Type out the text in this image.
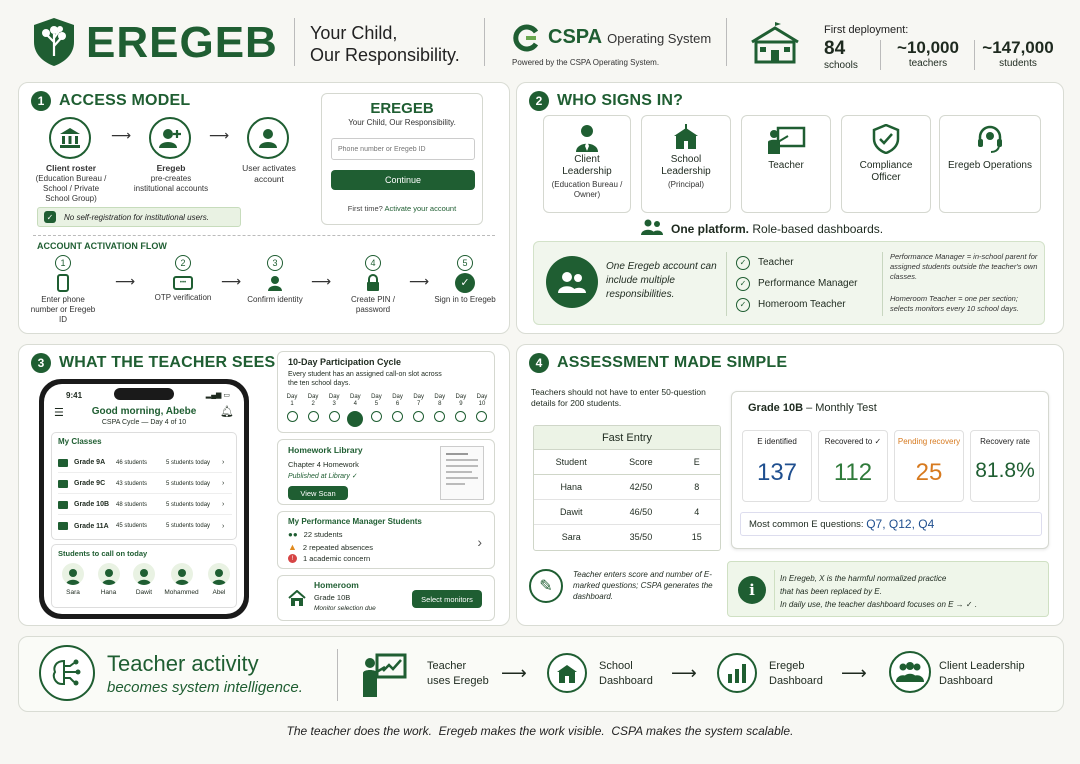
EREGEB Your Child,
Our Responsibility.
CSPA Operating System
Powered by the CSPA Operating System.
First deployment:
84
schools
~10,000
teachers
~147,000
students
1 ACCESS MODEL
Client roster
(Education Bureau / School / Private School Group)
⟶
Eregeb
pre-creates institutional accounts
⟶
User activates account
✓	No self-registration for institutional users.
EREGEB
Your Child, Our Responsibility.
Phone number or Eregeb ID
Continue
First time? Activate your account
ACCOUNT ACTIVATION FLOW
1
Enter phone number or Eregeb ID
⟶
2
•••
OTP verification
⟶
3
Confirm identity
⟶
4
Create PIN / password
⟶
5
✓
Sign in to Eregeb
2 WHO SIGNS IN?
Client Leadership
(Education Bureau / Owner)
School Leadership
(Principal)
Teacher	Compliance Officer
Eregeb Operations
One platform. Role-based dashboards.
One Eregeb account can include multiple responsibilities.
✓	Teacher
✓	Performance Manager
✓	Homeroom Teacher
Performance Manager = in-school parent for assigned students outside the teacher's own classes.
Homeroom Teacher = one per section; selects monitors every 10 school days.
3 WHAT THE TEACHER SEES
9:41	▂▄▆ ▭
☰	Good morning, Abebe	🔔︎
CSPA Cycle — Day 4 of 10
My Classes
Grade 9A	46 students	5 students today	›
Grade 9C	43 students	5 students today	›
Grade 10B	48 students	5 students today	›
Grade 11A	45 students	5 students today	›
Students to call on today
Sara	Hana	Dawit	Mohammed	Abel
10-Day Participation Cycle
Every student has an assigned call-on slot across the ten school days.
Day
1
Day
2
Day
3
Day
4
Day
5
Day
6
Day
7
Day
8
Day
9
Day
10
Homework Library
Chapter 4 Homework
Published at Library ✓
View Scan
My Performance Manager Students
●● 22 students
▲ 2 repeated absences
!	1 academic concern
›
Homeroom
Grade 10B
Monitor selection due
Select monitors
4 ASSESSMENT MADE SIMPLE
Teachers should not have to enter 50-question details for 200 students.
Fast Entry
Student	Score	E
Hana	42/50	8
Dawit	46/50	4
Sara	35/50	15
Grade 10B – Monthly Test
E identified
137
Recovered to ✓
112
Pending recovery
25
Recovery rate
81.8%
Most common E questions:
Q7, Q12, Q4
✎
Teacher enters score and number of E-marked questions; CSPA generates the dashboard.	i
In Eregeb, X is the harmful normalized practice
that has been replaced by E.
In daily use, the teacher dashboard focuses on E → ✓ .
Teacher activity
becomes system intelligence.
Teacher
uses Eregeb ⟶	School
Dashboard ⟶	Eregeb
Dashboard ⟶	Client Leadership
Dashboard
The teacher does the work.  Eregeb makes the work visible.  CSPA makes the system scalable.
